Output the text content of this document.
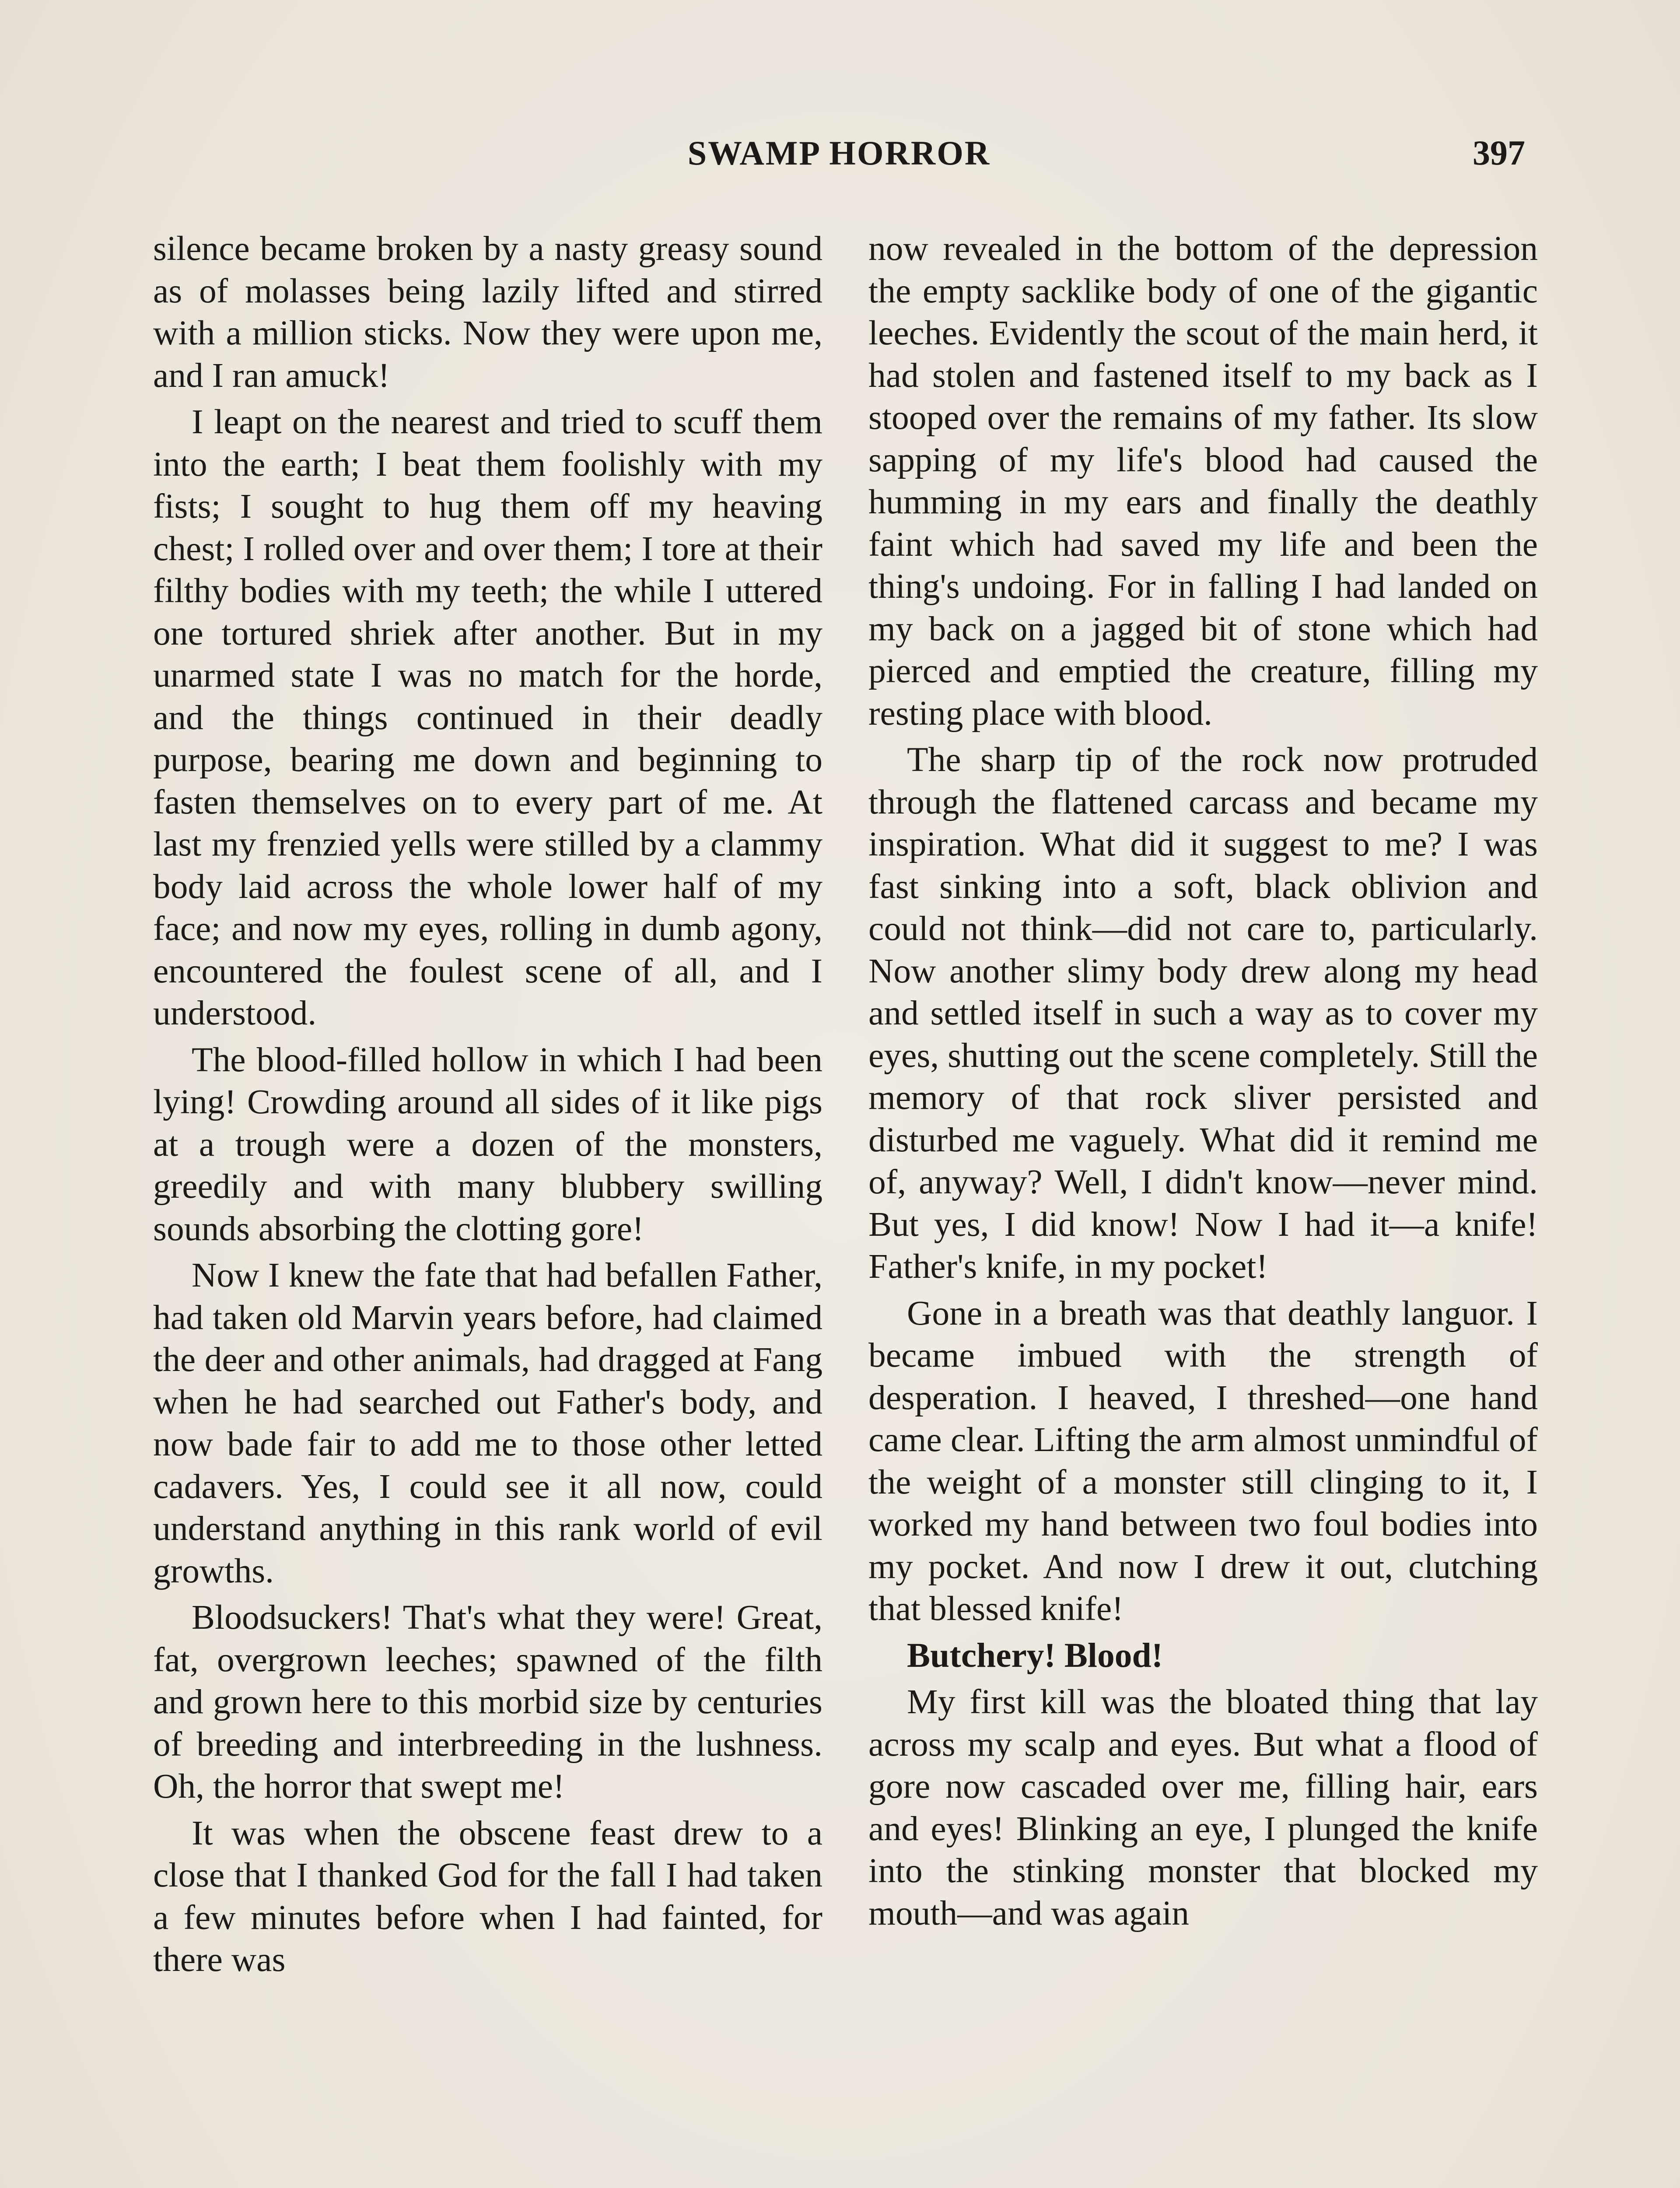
SWAMP HORROR	397

silence became broken by a nasty greasy sound as of molasses being lazily lifted and stirred with a million sticks. Now they were upon me, and I ran amuck!

I leapt on the nearest and tried to scuff them into the earth; I beat them foolishly with my fists; I sought to hug them off my heaving chest; I rolled over and over them; I tore at their filthy bodies with my teeth; the while I uttered one tortured shriek after another. But in my unarmed state I was no match for the horde, and the things continued in their deadly purpose, bearing me down and beginning to fasten themselves on to every part of me. At last my frenzied yells were stilled by a clammy body laid across the whole lower half of my face; and now my eyes, rolling in dumb agony, encountered the foulest scene of all, and I understood.

The blood-filled hollow in which I had been lying! Crowding around all sides of it like pigs at a trough were a dozen of the monsters, greedily and with many blubbery swilling sounds absorbing the clotting gore!

Now I knew the fate that had befallen Father, had taken old Marvin years before, had claimed the deer and other animals, had dragged at Fang when he had searched out Father's body, and now bade fair to add me to those other letted cadavers. Yes, I could see it all now, could understand anything in this rank world of evil growths.

Bloodsuckers! That's what they were! Great, fat, overgrown leeches; spawned of the filth and grown here to this morbid size by centuries of breeding and interbreeding in the lushness. Oh, the horror that swept me!

It was when the obscene feast drew to a close that I thanked God for the fall I had taken a few minutes before when I had fainted, for there was

now revealed in the bottom of the depression the empty sacklike body of one of the gigantic leeches. Evidently the scout of the main herd, it had stolen and fastened itself to my back as I stooped over the remains of my father. Its slow sapping of my life's blood had caused the humming in my ears and finally the deathly faint which had saved my life and been the thing's undoing. For in falling I had landed on my back on a jagged bit of stone which had pierced and emptied the creature, filling my resting place with blood.

The sharp tip of the rock now protruded through the flattened carcass and became my inspiration. What did it suggest to me? I was fast sinking into a soft, black oblivion and could not think—did not care to, particularly. Now another slimy body drew along my head and settled itself in such a way as to cover my eyes, shutting out the scene completely. Still the memory of that rock sliver persisted and disturbed me vaguely. What did it remind me of, anyway? Well, I didn't know—never mind. But yes, I did know! Now I had it—a knife! Father's knife, in my pocket!

Gone in a breath was that deathly languor. I became imbued with the strength of desperation. I heaved, I threshed—one hand came clear. Lifting the arm almost unmindful of the weight of a monster still clinging to it, I worked my hand between two foul bodies into my pocket. And now I drew it out, clutching that blessed knife!

Butchery! Blood!

My first kill was the bloated thing that lay across my scalp and eyes. But what a flood of gore now cascaded over me, filling hair, ears and eyes! Blinking an eye, I plunged the knife into the stinking monster that blocked my mouth—and was again
